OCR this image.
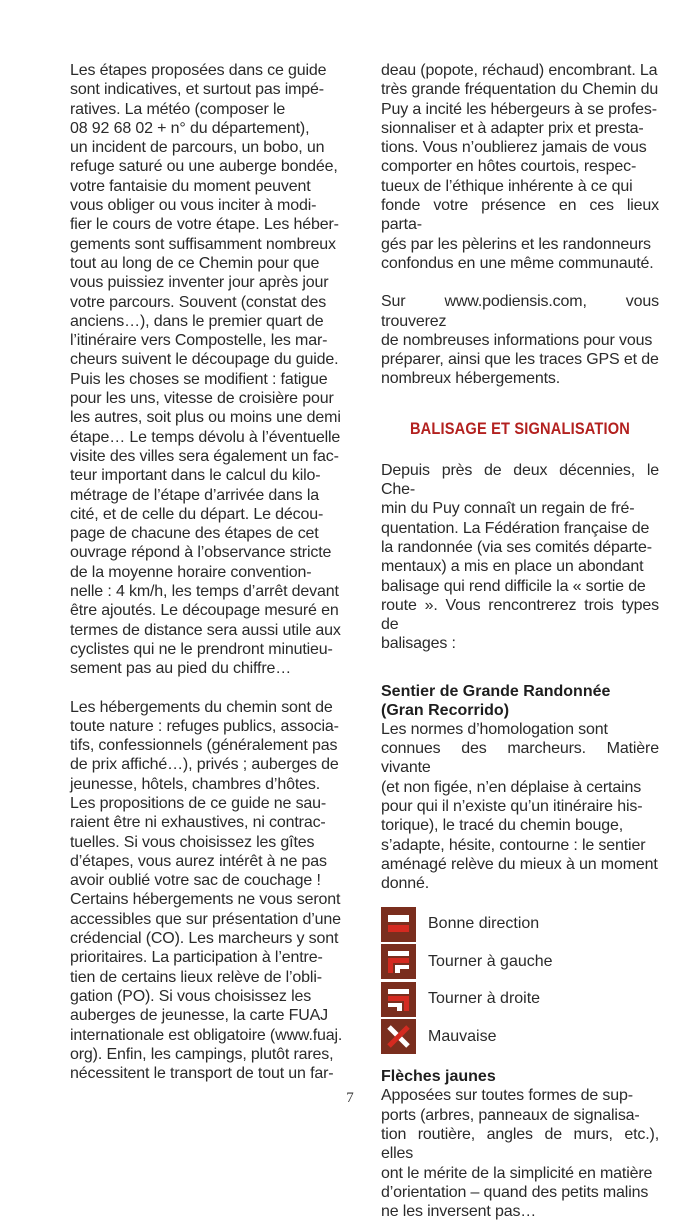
Les étapes proposées dans ce guide
sont indicatives, et surtout pas impé-
ratives. La météo (composer le
08 92 68 02 + n° du département),
un incident de parcours, un bobo, un
refuge saturé ou une auberge bondée,
votre fantaisie du moment peuvent
vous obliger ou vous inciter à modi-
fier le cours de votre étape. Les héber-
gements sont suffisamment nombreux
tout au long de ce Chemin pour que
vous puissiez inventer jour après jour
votre parcours. Souvent (constat des
anciens…), dans le premier quart de
l’itinéraire vers Compostelle, les mar-
cheurs suivent le découpage du guide.
Puis les choses se modifient : fatigue
pour les uns, vitesse de croisière pour
les autres, soit plus ou moins une demi
étape… Le temps dévolu à l’éventuelle
visite des villes sera également un fac-
teur important dans le calcul du kilo-
métrage de l’étape d’arrivée dans la
cité, et de celle du départ. Le décou-
page de chacune des étapes de cet
ouvrage répond à l’observance stricte
de la moyenne horaire convention-
nelle : 4 km/h, les temps d’arrêt devant
être ajoutés. Le découpage mesuré en
termes de distance sera aussi utile aux
cyclistes qui ne le prendront minutieu-
sement pas au pied du chiffre…

Les hébergements du chemin sont de
toute nature : refuges publics, associa-
tifs, confessionnels (généralement pas
de prix affiché…), privés ; auberges de
jeunesse, hôtels, chambres d’hôtes.
Les propositions de ce guide ne sau-
raient être ni exhaustives, ni contrac-
tuelles. Si vous choisissez les gîtes
d’étapes, vous aurez intérêt à ne pas
avoir oublié votre sac de couchage !
Certains hébergements ne vous seront
accessibles que sur présentation d’une
crédencial (CO). Les marcheurs y sont
prioritaires. La participation à l’entre-
tien de certains lieux relève de l’obli-
gation (PO). Si vous choisissez les
auberges de jeunesse, la carte FUAJ
internationale est obligatoire (www.fuaj.
org). Enfin, les campings, plutôt rares,
nécessitent le transport de tout un far-

deau (popote, réchaud) encombrant. La
très grande fréquentation du Chemin du
Puy a incité les hébergeurs à se profes-
sionnaliser et à adapter prix et presta-
tions. Vous n’oublierez jamais de vous
comporter en hôtes courtois, respec-
tueux de l’éthique inhérente à ce qui
fonde votre présence en ces lieux parta-
gés par les pèlerins et les randonneurs
confondus en une même communauté.

Sur www.podiensis.com, vous trouverez
de nombreuses informations pour vous
préparer, ainsi que les traces GPS et de
nombreux hébergements.

BALISAGE ET SIGNALISATION

Depuis près de deux décennies, le Che-
min du Puy connaît un regain de fré-
quentation. La Fédération française de
la randonnée (via ses comités départe-
mentaux) a mis en place un abondant
balisage qui rend difficile la « sortie de
route ». Vous rencontrerez trois types de
balisages :

Sentier de Grande Randonnée
(Gran Recorrido)

Les normes d’homologation sont
connues des marcheurs. Matière vivante
(et non figée, n’en déplaise à certains
pour qui il n’existe qu’un itinéraire his-
torique), le tracé du chemin bouge,
s’adapte, hésite, contourne : le sentier
aménagé relève du mieux à un moment
donné.

Bonne direction
Tourner à gauche
Tourner à droite
Mauvaise
Flèches jaunes

Apposées sur toutes formes de sup-
ports (arbres, panneaux de signalisa-
tion routière, angles de murs, etc.), elles
ont le mérite de la simplicité en matière
d’orientation – quand des petits malins
ne les inversent pas…

7
